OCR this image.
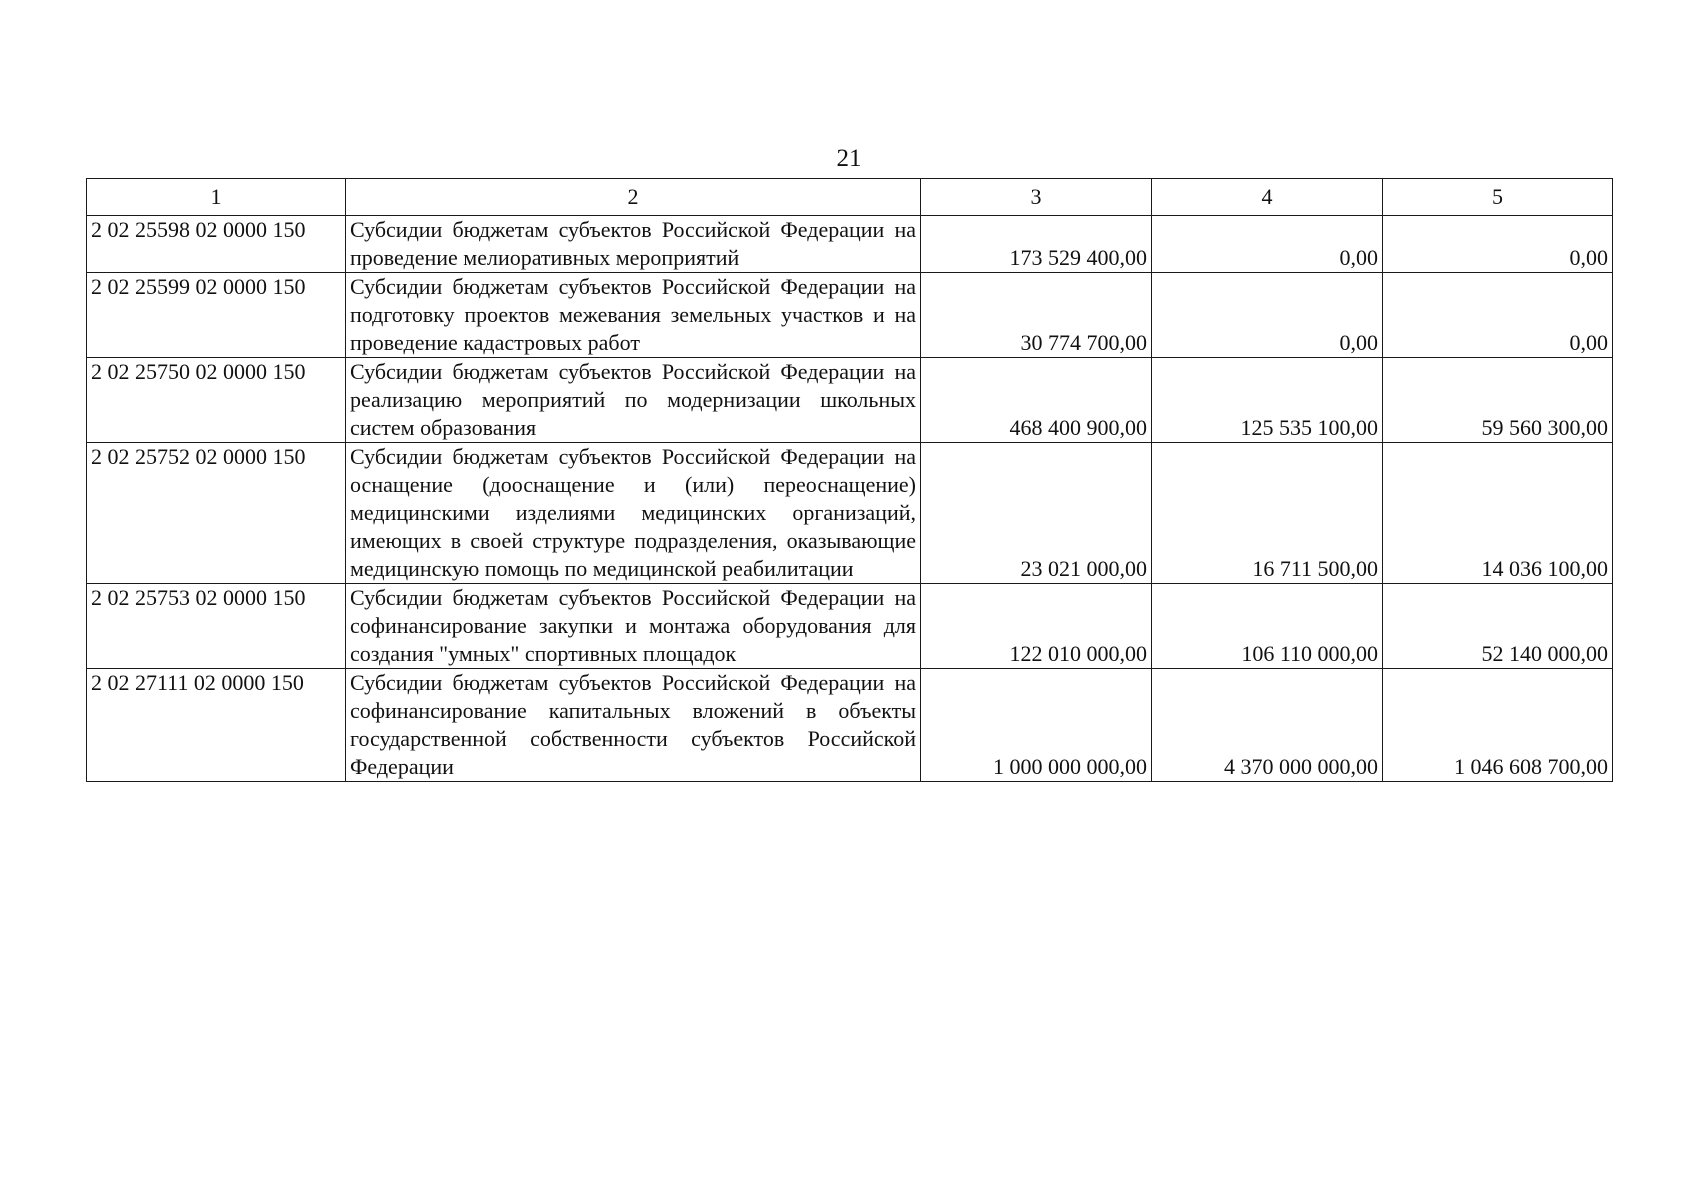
21
1	2	3	4	5
2 02 25598 02 0000 150	Субсидии бюджетам субъектов Российской Федерации на проведение мелиоративных мероприятий	173 529 400,00	0,00	0,00
2 02 25599 02 0000 150	Субсидии бюджетам субъектов Российской Федерации на подготовку проектов межевания земельных участков и на проведение кадастровых работ	30 774 700,00	0,00	0,00
2 02 25750 02 0000 150	Субсидии бюджетам субъектов Российской Федерации на реализацию мероприятий по модернизации школьных систем образования	468 400 900,00	125 535 100,00	59 560 300,00
2 02 25752 02 0000 150	Субсидии бюджетам субъектов Российской Федерации на оснащение (дооснащение и (или) переоснащение) медицинскими изделиями медицинских организаций, имеющих в своей структуре подразделения, оказывающие медицинскую помощь по медицинской реабилитации	23 021 000,00	16 711 500,00	14 036 100,00
2 02 25753 02 0000 150	Субсидии бюджетам субъектов Российской Федерации на софинансирование закупки и монтажа оборудования для создания "умных" спортивных площадок	122 010 000,00	106 110 000,00	52 140 000,00
2 02 27111 02 0000 150	Субсидии бюджетам субъектов Российской Федерации на софинансирование капитальных вложений в объекты государственной собственности субъектов Российской Федерации	1 000 000 000,00	4 370 000 000,00	1 046 608 700,00
